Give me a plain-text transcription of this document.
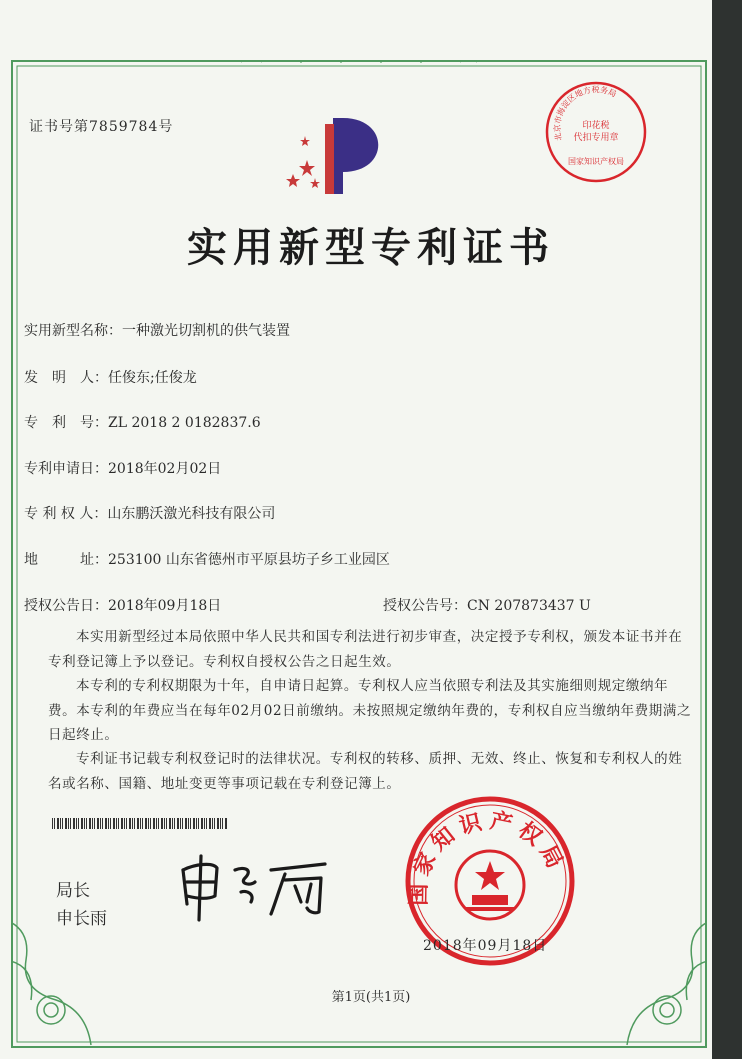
北京市海淀区地方税务局
印花税
代扣专用章
国家知识产权局
证书号第7859784号
实用新型专利证书
实用新型名称：一种激光切割机的供气装置
发　明　人：任俊东;任俊龙
专　利　号：ZL 2018 2 0182837.6
专利申请日：2018年02月02日
专 利 权 人：山东鹏沃激光科技有限公司
地　　　址：253100 山东省德州市平原县坊子乡工业园区
授权公告日：2018年09月18日	授权公告号：CN 207873437 U
本实用新型经过本局依照中华人民共和国专利法进行初步审查，决定授予专利权，颁发本证书并在专利登记簿上予以登记。专利权自授权公告之日起生效。
本专利的专利权期限为十年，自申请日起算。专利权人应当依照专利法及其实施细则规定缴纳年费。本专利的年费应当在每年02月02日前缴纳。未按照规定缴纳年费的，专利权自应当缴纳年费期满之日起终止。
专利证书记载专利权登记时的法律状况。专利权的转移、质押、无效、终止、恢复和专利权人的姓名或名称、国籍、地址变更等事项记载在专利登记簿上。
局长
申长雨
国家知识产权局
2018年09月18日
第1页(共1页)
